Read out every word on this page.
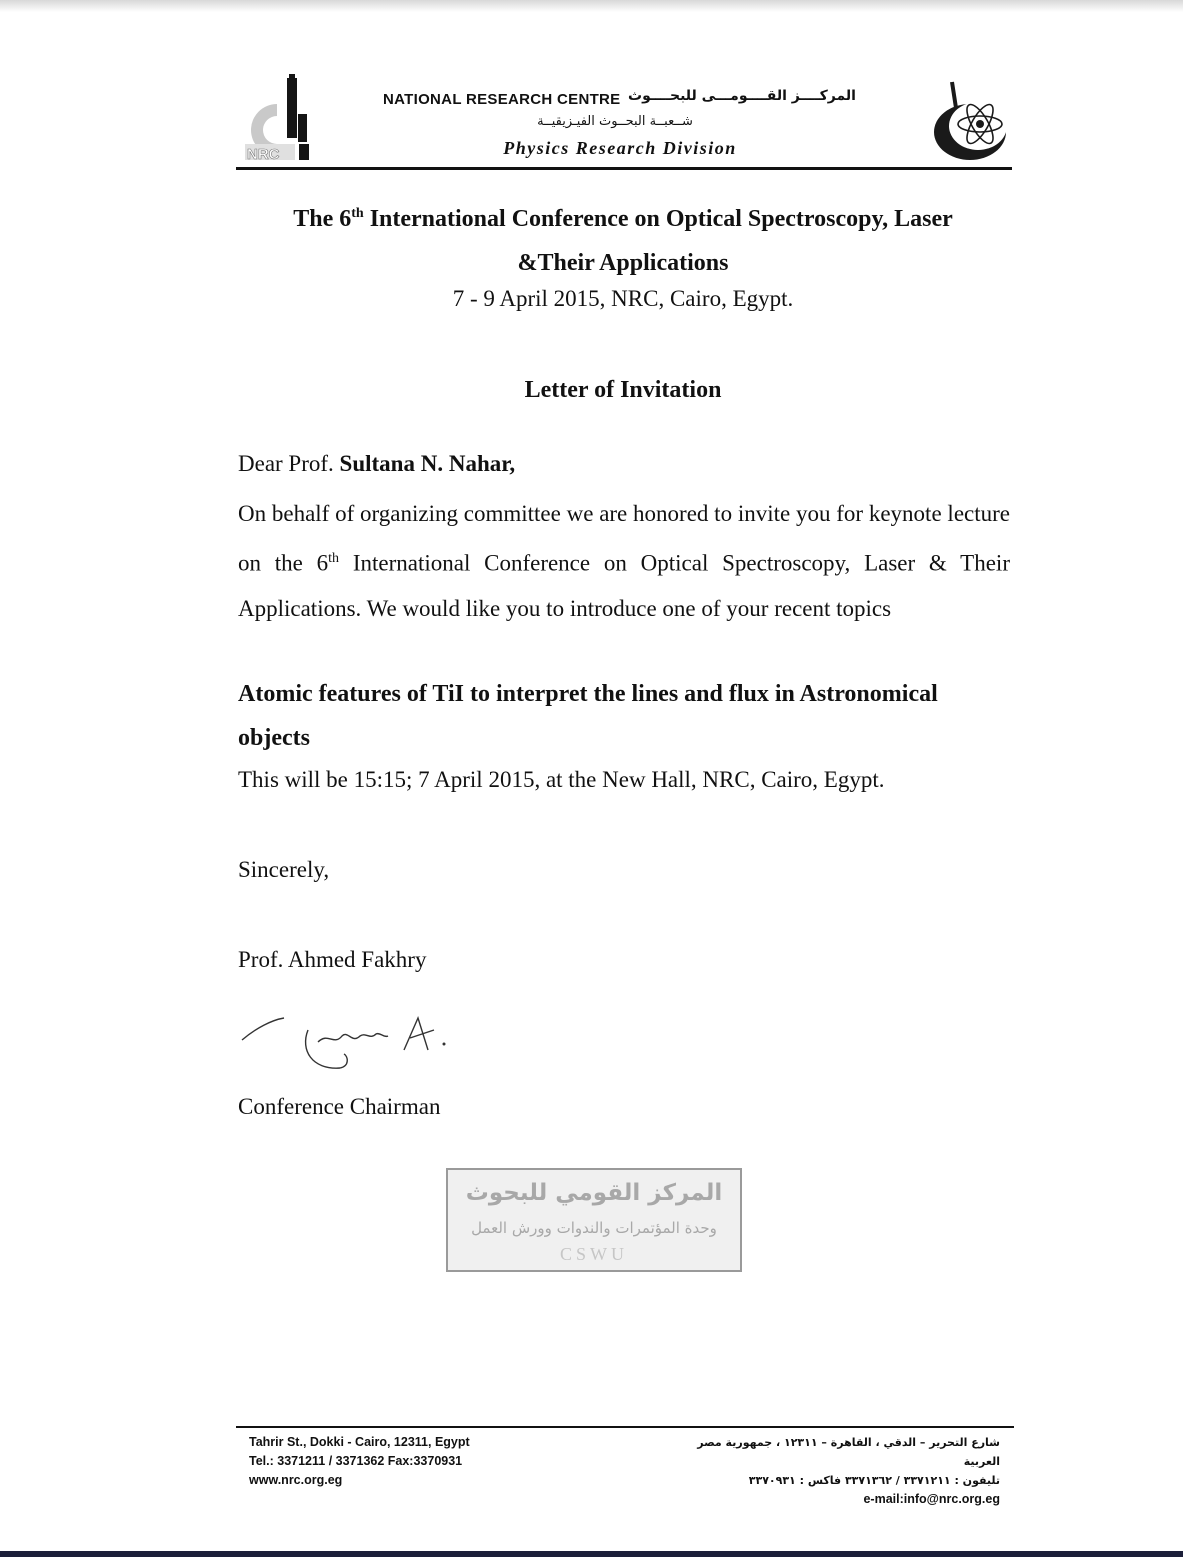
NRC
NATIONAL RESEARCH CENTRE المركــــز القــــومـــى للبحــــوث
شــعبــة البحــوث الفيـزيقيــة
Physics Research Division
The 6th International Conference on Optical Spectroscopy, Laser
&Their Applications
7 - 9 April 2015, NRC, Cairo, Egypt.
Letter of Invitation
Dear Prof. Sultana N. Nahar,
On behalf of organizing committee we are honored to invite you for keynote lecture on the 6th International Conference on Optical Spectroscopy, Laser & Their Applications. We would like you to introduce one of your recent topics
Atomic features of TiI to interpret the lines and flux in Astronomical objects
This will be 15:15; 7 April 2015, at the New Hall, NRC, Cairo, Egypt.
Sincerely,
Prof. Ahmed Fakhry
Conference Chairman
المركز القومي للبحوث
وحدة المؤتمرات والندوات وورش العمل
CSWU
Tahrir St., Dokki - Cairo, 12311, Egypt
Tel.: 3371211 / 3371362 Fax:3370931
www.nrc.org.eg
شارع التحرير – الدقي ، القاهرة – ١٢٣١١ ، جمهورية مصر العربية
تليفون : ٣٣٧١٢١١ / ٣٣٧١٣٦٢ فاكس : ٣٣٧٠٩٣١
e-mail:info@nrc.org.eg
